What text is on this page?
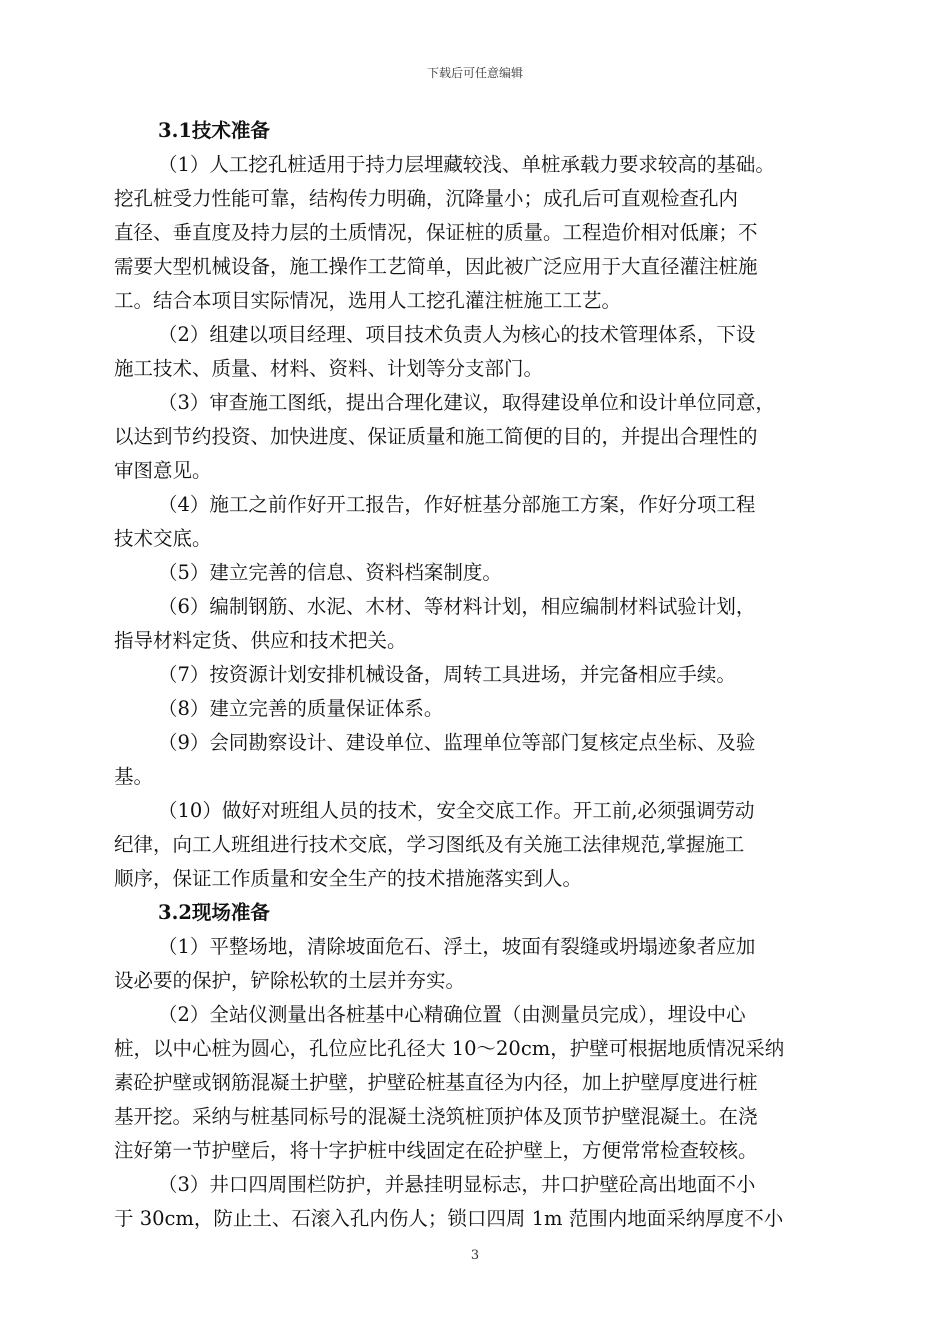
下载后可任意编辑
3.1技术准备
（1）人工挖孔桩适用于持力层埋藏较浅、单桩承载力要求较高的基础。
挖孔桩受力性能可靠，结构传力明确，沉降量小；成孔后可直观检查孔内
直径、垂直度及持力层的土质情况，保证桩的质量。工程造价相对低廉；不
需要大型机械设备，施工操作工艺简单，因此被广泛应用于大直径灌注桩施
工。结合本项目实际情况，选用人工挖孔灌注桩施工工艺。
（2）组建以项目经理、项目技术负责人为核心的技术管理体系，下设
施工技术、质量、材料、资料、计划等分支部门。
（3）审查施工图纸，提出合理化建议，取得建设单位和设计单位同意，
以达到节约投资、加快进度、保证质量和施工简便的目的，并提出合理性的
审图意见。
（4）施工之前作好开工报告，作好桩基分部施工方案，作好分项工程
技术交底。
（5）建立完善的信息、资料档案制度。
（6）编制钢筋、水泥、木材、等材料计划，相应编制材料试验计划，
指导材料定货、供应和技术把关。
（7）按资源计划安排机械设备，周转工具进场，并完备相应手续。
（8）建立完善的质量保证体系。
（9）会同勘察设计、建设单位、监理单位等部门复核定点坐标、及验
基。
（10）做好对班组人员的技术，安全交底工作。开工前,必须强调劳动
纪律，向工人班组进行技术交底，学习图纸及有关施工法律规范,掌握施工
顺序，保证工作质量和安全生产的技术措施落实到人。
3.2现场准备
（1）平整场地，清除坡面危石、浮土，坡面有裂缝或坍塌迹象者应加
设必要的保护，铲除松软的土层并夯实。
（2）全站仪测量出各桩基中心精确位置（由测量员完成），埋设中心
桩，以中心桩为圆心，孔位应比孔径大 10～20cm，护壁可根据地质情况采纳
素砼护壁或钢筋混凝土护壁，护壁砼桩基直径为内径，加上护壁厚度进行桩
基开挖。采纳与桩基同标号的混凝土浇筑桩顶护体及顶节护壁混凝土。在浇
注好第一节护壁后，将十字护桩中线固定在砼护壁上，方便常常检查较核。
（3）井口四周围栏防护，并悬挂明显标志，井口护壁砼高出地面不小
于 30cm，防止土、石滚入孔内伤人；锁口四周 1m 范围内地面采纳厚度不小
3
